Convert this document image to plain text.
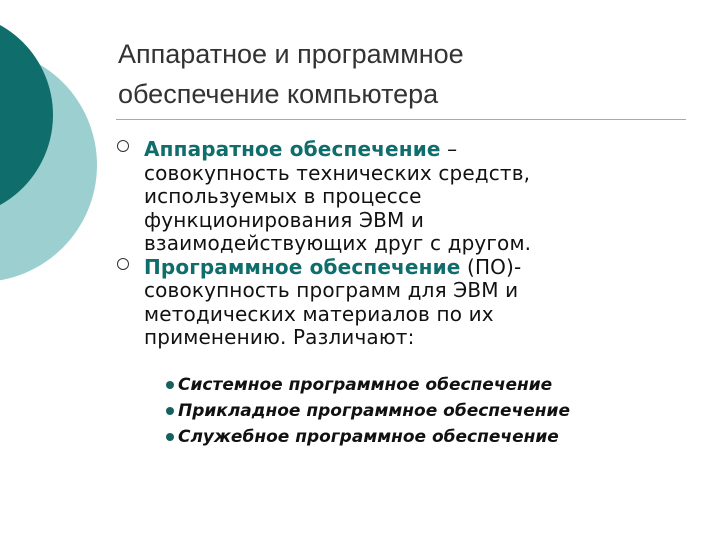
Аппаратное и программное
обеспечение компьютера
Аппаратное обеспечение –
совокупность технических средств,
используемых в процессе
функционирования ЭВМ и
взаимодействующих друг с другом.
Программное обеспечение (ПО)-
совокупность программ для ЭВМ и
методических материалов по их
применению. Различают:
Системное программное обеспечение
Прикладное программное обеспечение
Служебное программное обеспечение
